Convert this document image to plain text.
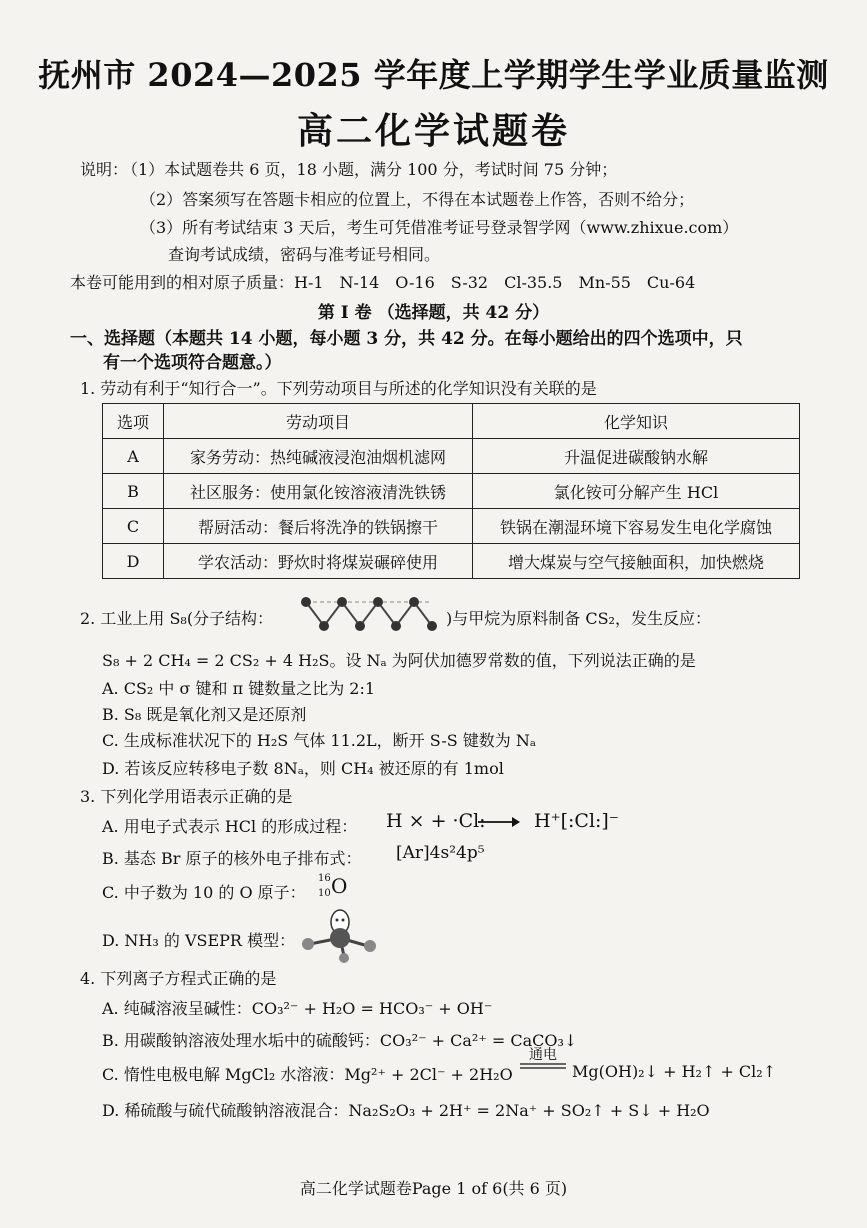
抚州市 2024—2025 学年度上学期学生学业质量监测
高二化学试题卷
说明：
（1）本试题卷共 6 页，18 小题，满分 100 分，考试时间 75 分钟；
（2）答案须写在答题卡相应的位置上，不得在本试题卷上作答，否则不给分；
（3）所有考试结束 3 天后，考生可凭借准考证号登录智学网（www.zhixue.com）
查询考试成绩，密码与准考证号相同。
本卷可能用到的相对原子质量：H-1　N-14　O-16　S-32　Cl-35.5　Mn-55　Cu-64
第 I 卷 （选择题，共 42 分）
一、选择题（本题共 14 小题，每小题 3 分，共 42 分。在每小题给出的四个选项中，只
有一个选项符合题意。）
1. 劳动有利于“知行合一”。下列劳动项目与所述的化学知识没有关联的是
选项	劳动项目	化学知识
A	家务劳动：热纯碱液浸泡油烟机滤网	升温促进碳酸钠水解
B	社区服务：使用氯化铵溶液清洗铁锈	氯化铵可分解产生 HCl
C	帮厨活动：餐后将洗净的铁锅擦干	铁锅在潮湿环境下容易发生电化学腐蚀
D	学农活动：野炊时将煤炭碾碎使用	增大煤炭与空气接触面积，加快燃烧
2. 工业上用 S₈(分子结构：	)与甲烷为原料制备 CS₂，发生反应：
S₈ + 2 CH₄ = 2 CS₂ + 4 H₂S。设 Nₐ 为阿伏加德罗常数的值，下列说法正确的是
A. CS₂ 中 σ 键和 π 键数量之比为 2:1
B. S₈ 既是氧化剂又是还原剂
C. 生成标准状况下的 H₂S 气体 11.2L，断开 S-S 键数为 Nₐ
D. 若该反应转移电子数 8Nₐ，则 CH₄ 被还原的有 1mol
3. 下列化学用语表示正确的是
A. 用电子式表示 HCl 的形成过程： H × + ·Cl:	H⁺[:Cl:]⁻
B. 基态 Br 原子的核外电子排布式： [Ar]4s²4p⁵
C. 中子数为 10 的 O 原子：
16
10 O
D. NH₃ 的 VSEPR 模型：
4. 下列离子方程式正确的是
A. 纯碱溶液呈碱性：CO₃²⁻ + H₂O = HCO₃⁻ + OH⁻
B. 用碳酸钠溶液处理水垢中的硫酸钙：CO₃²⁻ + Ca²⁺ = CaCO₃↓
C. 惰性电极电解 MgCl₂ 水溶液：Mg²⁺ + 2Cl⁻ + 2H₂O
通电
Mg(OH)₂↓ + H₂↑ + Cl₂↑
D. 稀硫酸与硫代硫酸钠溶液混合：Na₂S₂O₃ + 2H⁺ = 2Na⁺ + SO₂↑ + S↓ + H₂O
高二化学试题卷Page 1 of 6(共 6 页)
